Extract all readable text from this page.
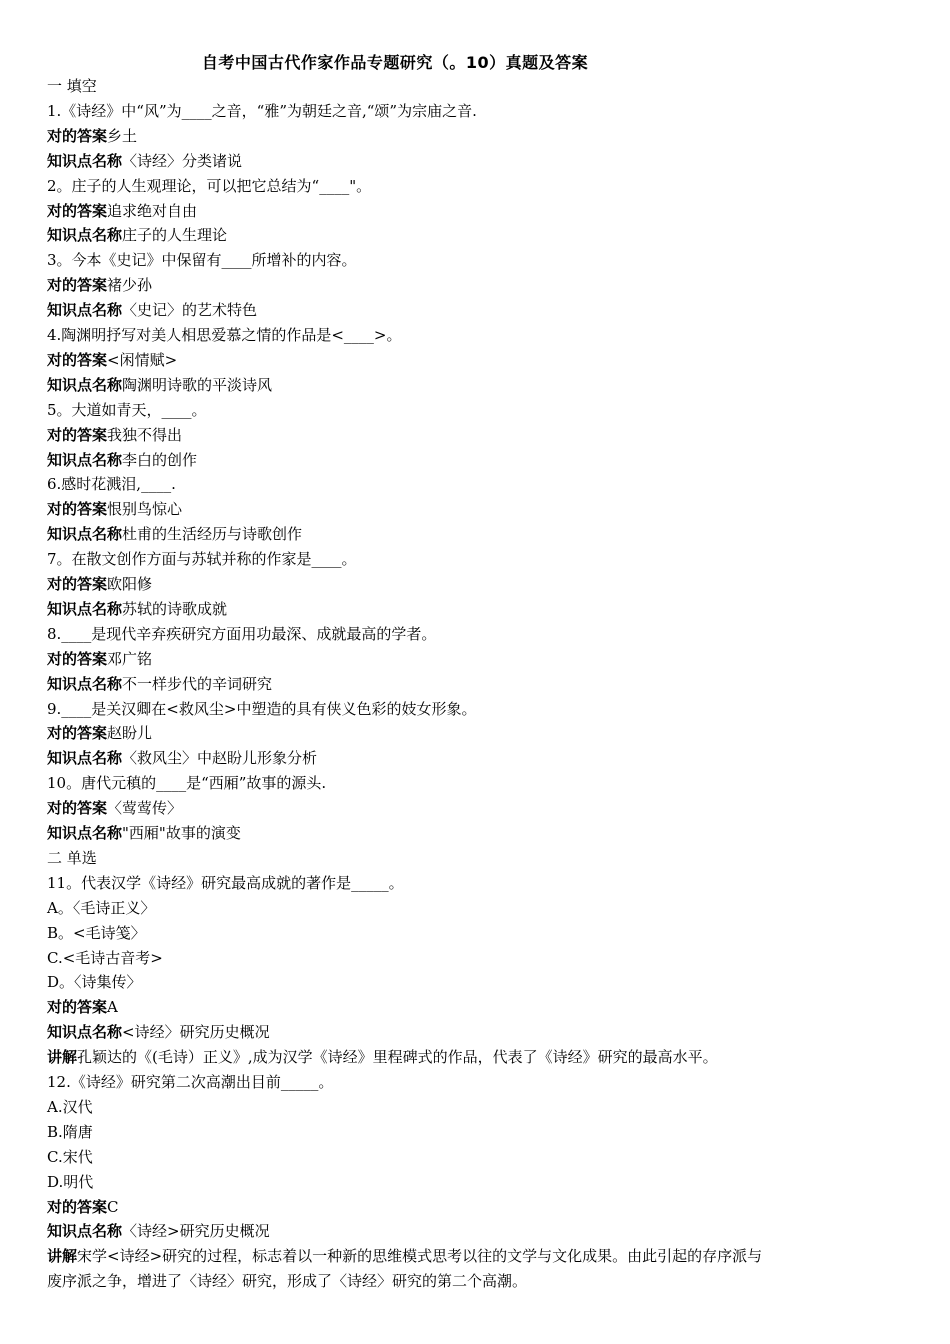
自考中国古代作家作品专题研究（。10）真题及答案
一 填空
1.《诗经》中“风”为____之音，“雅”为朝廷之音,“颂”为宗庙之音.
对的答案乡土
知识点名称〈诗经〉分类诸说
2。庄子的人生观理论，可以把它总结为“____"。
对的答案追求绝对自由
知识点名称庄子的人生理论
3。今本《史记》中保留有____所增补的内容。
对的答案褚少孙
知识点名称〈史记〉的艺术特色
4.陶渊明抒写对美人相思爱慕之情的作品是<____>。
对的答案<闲情赋>
知识点名称陶渊明诗歌的平淡诗风
5。大道如青天，____。
对的答案我独不得出
知识点名称李白的创作
6.感时花溅泪,____.
对的答案恨别鸟惊心
知识点名称杜甫的生活经历与诗歌创作
7。在散文创作方面与苏轼并称的作家是____。
对的答案欧阳修
知识点名称苏轼的诗歌成就
8.____是现代辛弃疾研究方面用功最深、成就最高的学者。
对的答案邓广铭
知识点名称不一样步代的辛词研究
9.____是关汉卿在<救风尘>中塑造的具有侠义色彩的妓女形象。
对的答案赵盼儿
知识点名称〈救风尘〉中赵盼儿形象分析
10。唐代元稹的____是“西厢”故事的源头.
对的答案〈莺莺传〉
知识点名称"西厢"故事的演变
二 单选
11。代表汉学《诗经》研究最高成就的著作是_____。
A。〈毛诗正义〉
B。<毛诗笺〉
C.<毛诗古音考>
D。〈诗集传〉
对的答案A
知识点名称<诗经〉研究历史概况
讲解孔颖达的《(毛诗）正义》,成为汉学《诗经》里程碑式的作品，代表了《诗经》研究的最高水平。
12.《诗经》研究第二次高潮出目前_____。
A.汉代
B.隋唐
C.宋代
D.明代
对的答案C
知识点名称〈诗经>研究历史概况
讲解宋学<诗经>研究的过程，标志着以一种新的思维模式思考以往的文学与文化成果。由此引起的存序派与
废序派之争，增进了〈诗经〉研究，形成了〈诗经〉研究的第二个高潮。
